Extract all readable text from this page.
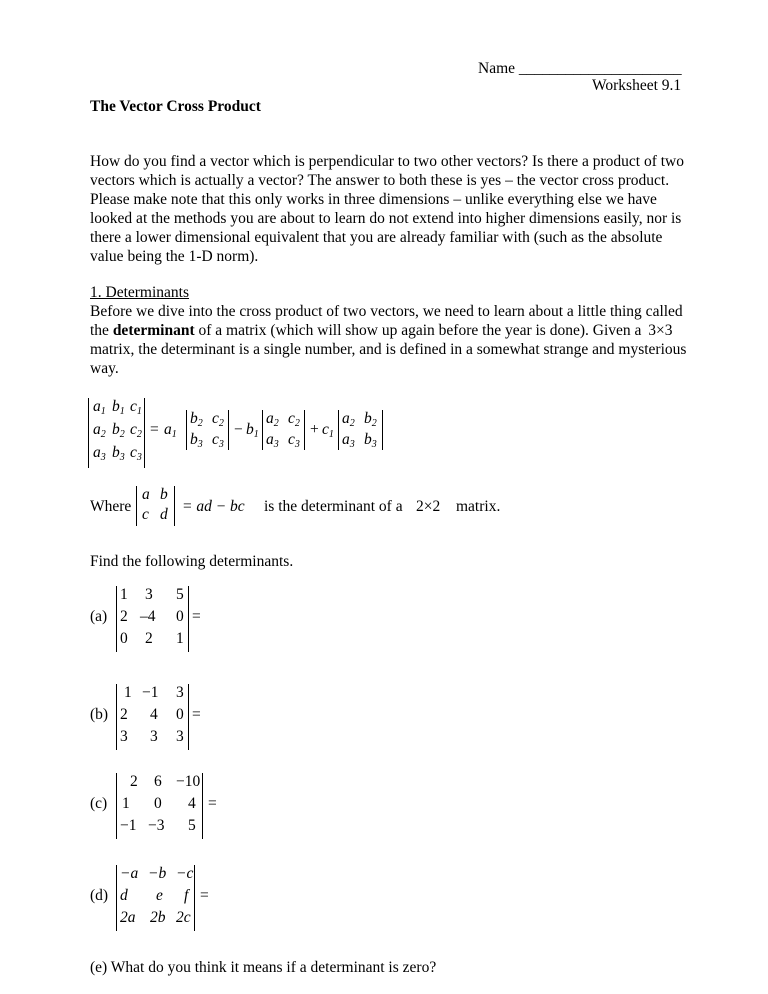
Name _____________________
Worksheet 9.1
The Vector Cross Product
How do you find a vector which is perpendicular to two other vectors? Is there a product of two
vectors which is actually a vector? The answer to both these is yes – the vector cross product.
Please make note that this only works in three dimensions – unlike everything else we have
looked at the methods you are about to learn do not extend into higher dimensions easily, nor is
there a lower dimensional equivalent that you are already familiar with (such as the absolute
value being the 1-D norm).
1. Determinants
Before we dive into the cross product of two vectors, we need to learn about a little thing called
the determinant of a matrix (which will show up again before the year is done). Given a 3×3
matrix, the determinant is a single number, and is defined in a somewhat strange and mysterious
way.
$a_1$ $b_1$ $c_1$
$a_2$ $b_2$ $c_2$
$a_3$ $b_3$ $c_3$
= $a_1$
$b_2$ $c_2$
$b_3$ $c_3$
− $b_1$
$a_2$ $c_2$
$a_3$ $c_3$
+ $c_1$
$a_2$ $b_2$
$a_3$ $b_3$
Where
a b
c d = ad − bc is the determinant of a 2×2 matrix.
Find the following determinants.
(a)
1 3 5
2 –4 0
0 2 1
=
(b)
1 −1 3
2 4 0
3 3 3
=
(c)
2 6 −10
1 0 4
−1 −3 5
=
(d)
−a −b −c
d e f
2a 2b 2c
=
(e) What do you think it means if a determinant is zero?
